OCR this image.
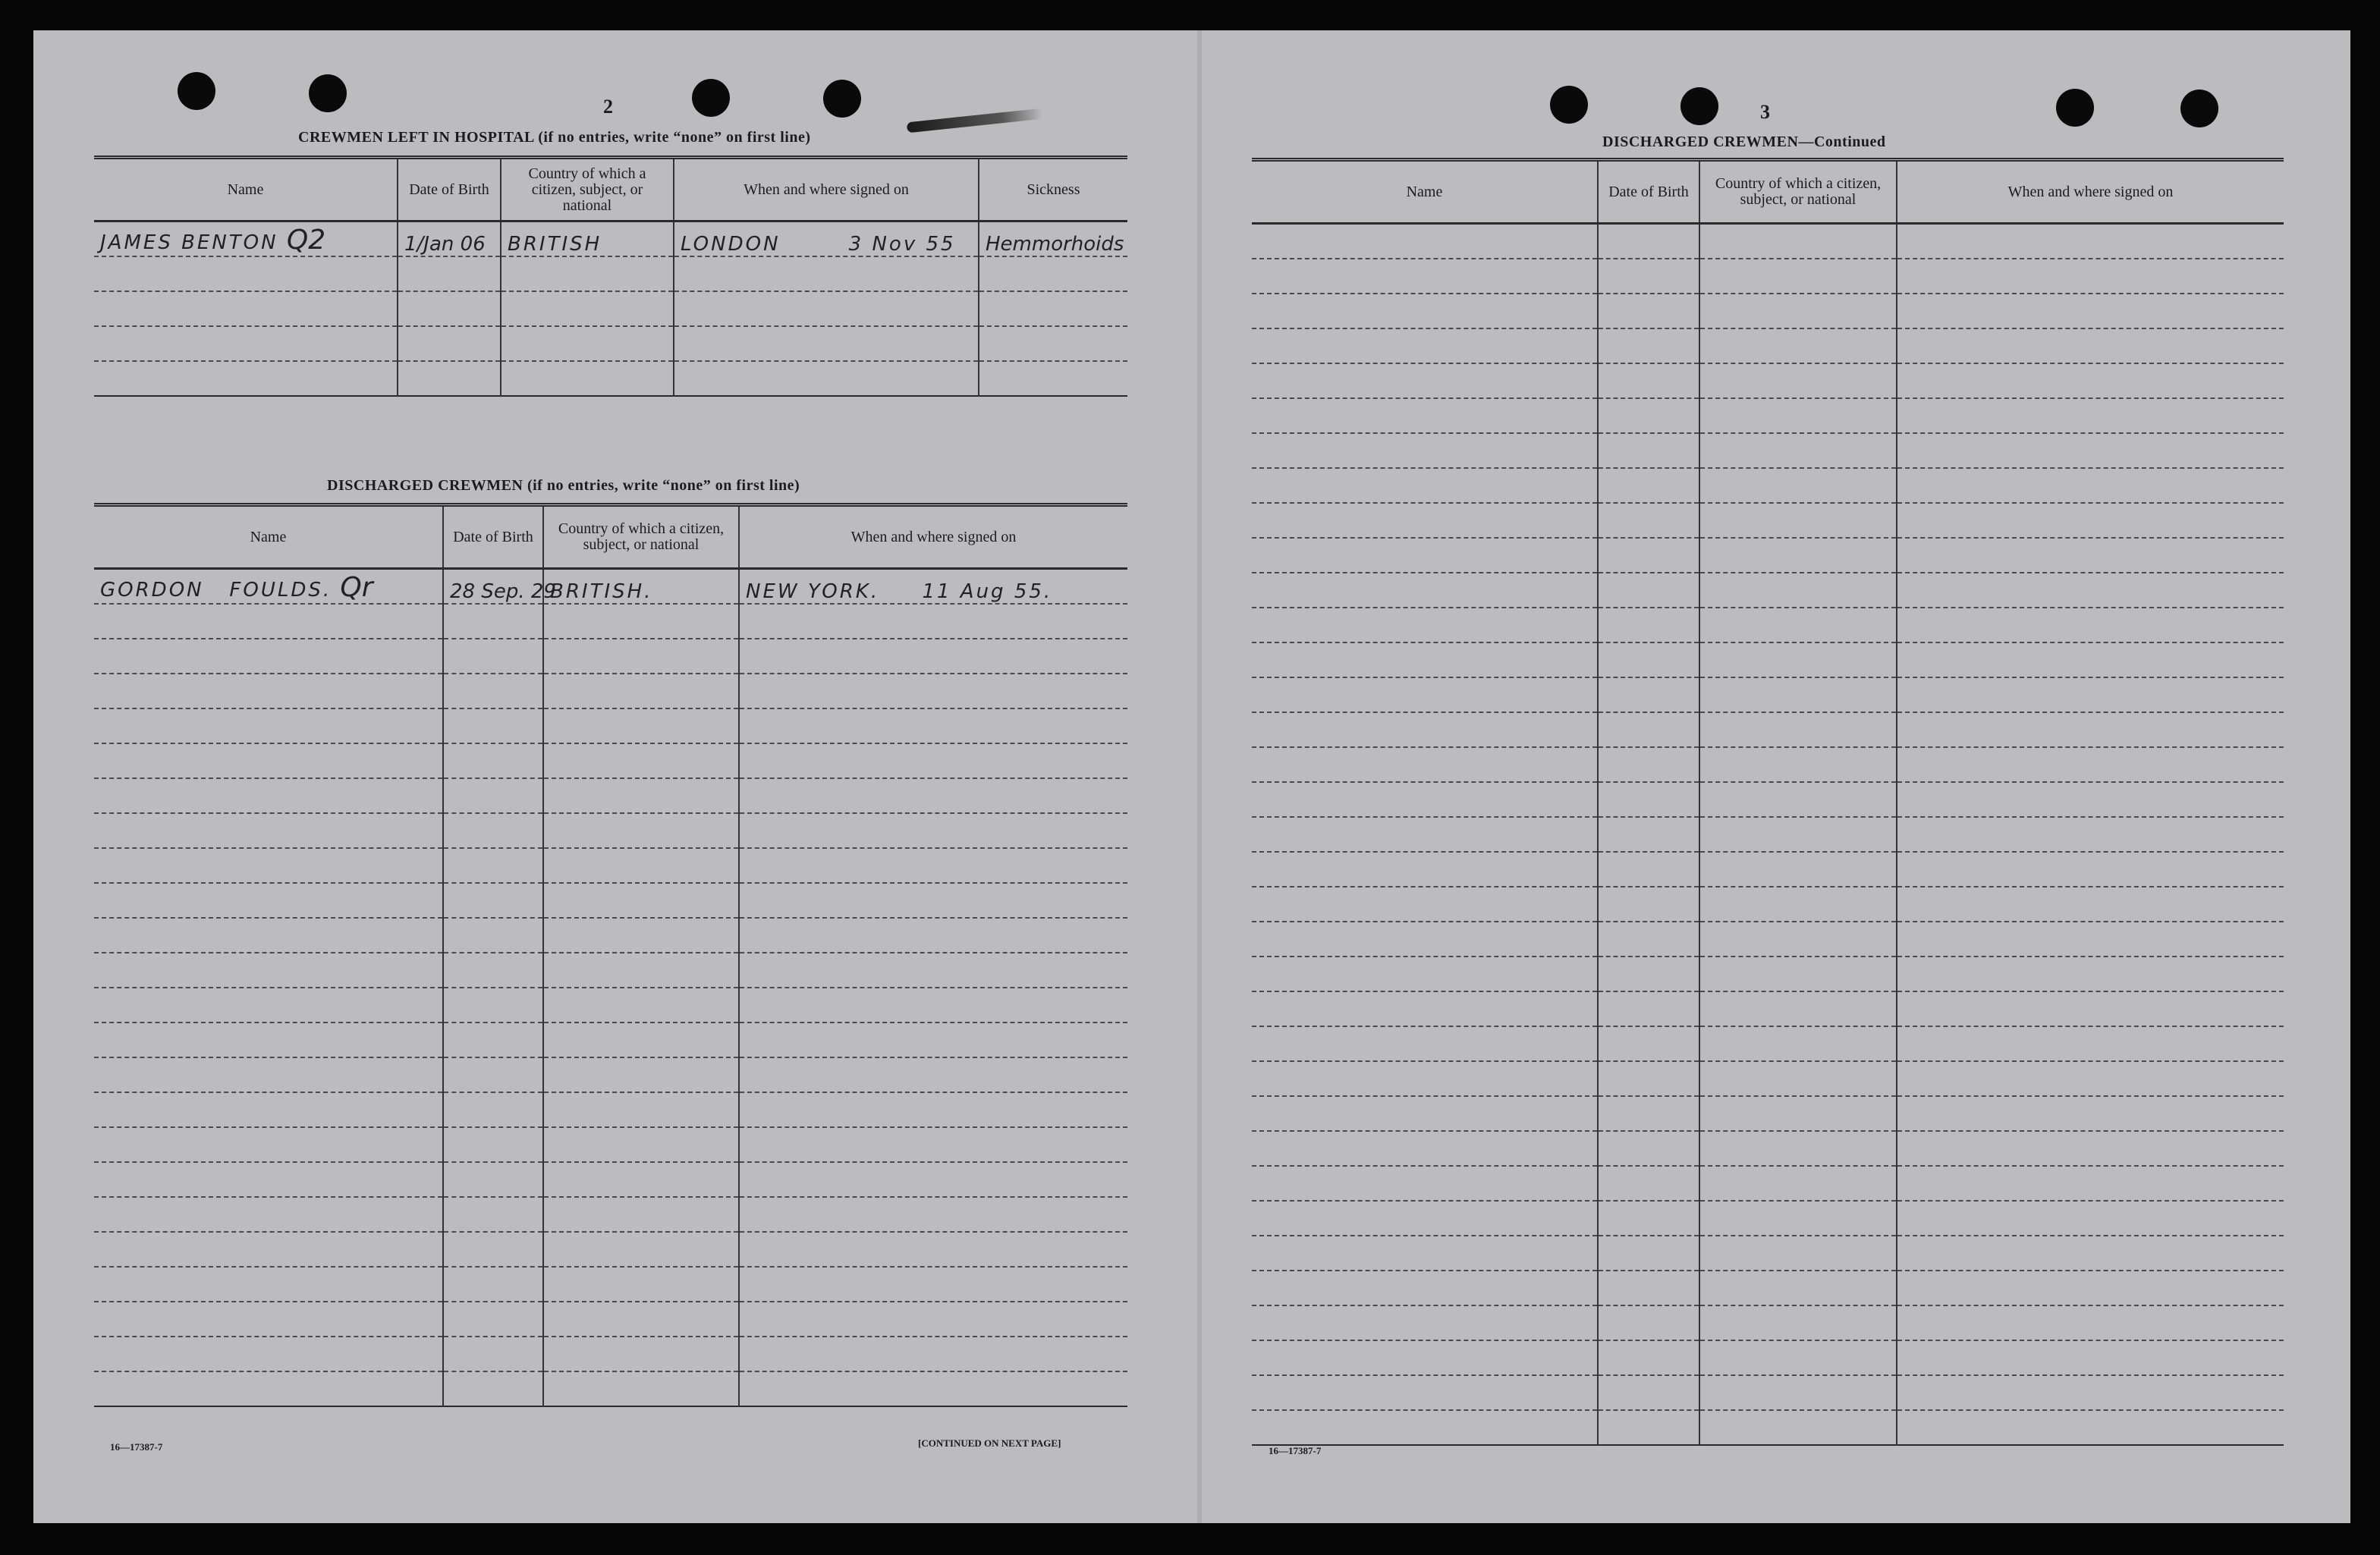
2
CREWMEN LEFT IN HOSPITAL (if no entries, write “none” on first line)
Name	Date of Birth	Country of which a citizen, subject, or national	When and where signed on	Sickness
JAMES BENTON Q2	1/Jan 06	BRITISH	LONDON        3 Nov 55	Hemmorhoids

DISCHARGED CREWMEN (if no entries, write “none” on first line)
Name	Date of Birth	Country of which a citizen, subject, or national	When and where signed on
GORDON   FOULDS. Qr	28 Sep. 29	BRITISH.	NEW YORK.     11 Aug 55.

16—17387-7	[CONTINUED ON NEXT PAGE]
3
DISCHARGED CREWMEN—Continued
Name	Date of Birth	Country of which a citizen, subject, or national	When and where signed on

16—17387-7
